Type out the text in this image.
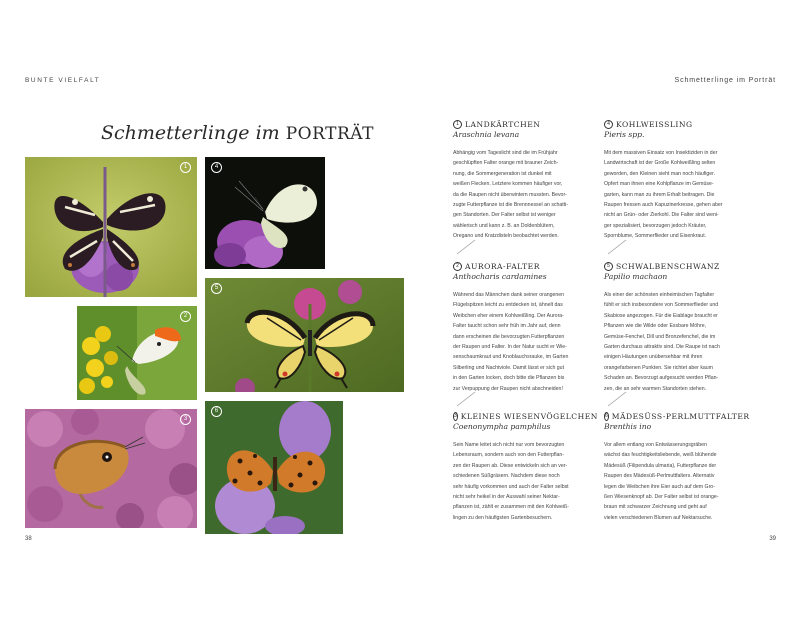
BUNTE VIELFALT	Schmetterlinge im Porträt
Schmetterlinge im PORTRÄT
1	4
2
5
3
6
1 LANDKÄRTCHEN
Araschnia levana
Abhängig vom Tageslicht sind die im Frühjahr
geschlüpften Falter orange mit brauner Zeich-
nung, die Sommergeneration ist dunkel mit
weißen Flecken. Letztere kommen häufiger vor,
da die Raupen nicht überwintern mussten. Bevor-
zugte Futterpflanze ist die Brennnessel an schatti-
gen Standorten. Der Falter selbst ist weniger
wählerisch und kann z. B. an Doldenblütern,
Oregano und Kratzdisteln beobachtet werden.
2 AURORA-FALTER
Anthocharis cardamines
Während das Männchen dank seiner orangenen
Flügelspitzen leicht zu entdecken ist, ähnelt das
Weibchen eher einem Kohlweißling. Der Aurora-
Falter taucht schon sehr früh im Jahr auf, denn
dann erscheinen die bevorzugten Futterpflanzen
der Raupen und Falter. In der Natur sucht er Wie-
senschaumkraut und Knoblauchsrauke, im Garten
Silberling und Nachtviole. Damit lässt er sich gut
in den Garten locken, doch bitte die Pflanzen bis
zur Verpuppung der Raupen nicht abschneiden!
3 KLEINES WIESENVÖGELCHEN
Coenonympha pamphilus
Sein Name leitet sich nicht nur vom bevorzugten
Lebensraum, sondern auch von den Futterpflan-
zen der Raupen ab. Diese entwickeln sich an ver-
schiedenen Süßgräsern. Nachdem diese noch
sehr häufig vorkommen und auch der Falter selbst
nicht sehr heikel in der Auswahl seiner Nektar-
pflanzen ist, zählt er zusammen mit den Kohlweiß-
lingen zu den häufigsten Gartenbesuchern.
4 KOHLWEISSLING
Pieris spp.
Mit dem massiven Einsatz von Insektiziden in der
Landwirtschaft ist der Große Kohlweißling selten
geworden, den Kleinen sieht man noch häufiger.
Opfert man ihnen eine Kohlpflanze im Gemüse-
garten, kann man zu ihrem Erhalt beitragen. Die
Raupen fressen auch Kapuzinerkresse, gehen aber
nicht an Grün- oder Zierkohl. Die Falter sind weni-
ger spezialisiert, bevorzugen jedoch Kräuter,
Spornblume, Sommerflieder und Eisenkraut.
5 SCHWALBENSCHWANZ
Papilio machaon
Als einer der schönsten einheimischen Tagfalter
fühlt er sich insbesondere von Sommerflieder und
Skabiose angezogen. Für die Eiablage braucht er
Pflanzen wie die Wilde oder Essbare Möhre,
Gemüse-Fenchel, Dill und Bronzefenchel, die im
Garten durchaus attraktiv sind. Die Raupe ist nach
einigen Häutungen unübersehbar mit ihren
orangefarbenen Punkten. Sie richtet aber kaum
Schaden an. Bevorzugt aufgesucht werden Pflan-
zen, die an sehr warmen Standorten stehen.
6 MÄDESÜSS-PERLMUTTFALTER
Brenthis ino
Vor allem entlang von Entwässerungsgräben
wächst das feuchtigkeitsliebende, weiß blühende
Mädesüß (Filipendula ulmaria), Futterpflanze der
Raupen des Mädesüß-Perlmuttfalters. Alternativ
legen die Weibchen ihre Eier auch auf dem Gro-
ßen Wiesenknopf ab. Der Falter selbst ist orange-
braun mit schwarzer Zeichnung und geht auf
vielen verschiedenen Blumen auf Nektarsuche.
38	39
